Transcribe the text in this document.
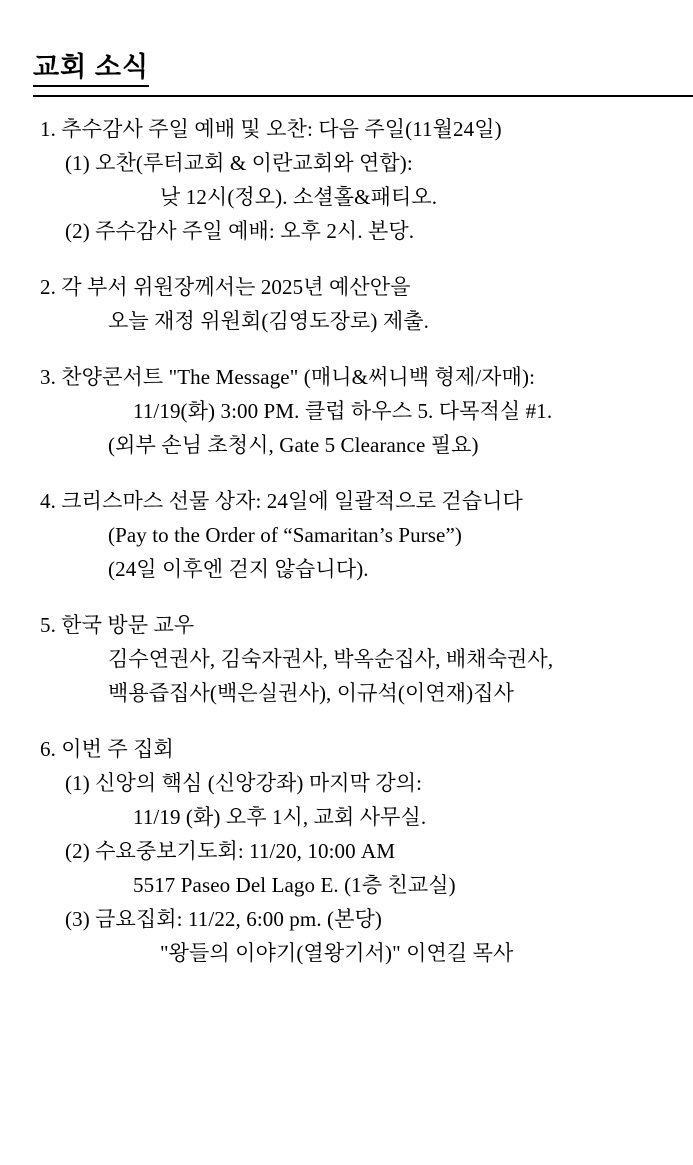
교회 소식
1. 추수감사 주일 예배 및 오찬: 다음 주일(11월24일)
(1) 오찬(루터교회 & 이란교회와 연합):
낮 12시(정오). 소셜홀&패티오.
(2) 주수감사 주일 예배: 오후 2시. 본당.
2. 각 부서 위원장께서는 2025년 예산안을
오늘 재정 위원회(김영도장로) 제출.
3. 찬양콘서트 "The Message" (매니&써니백 형제/자매):
11/19(화) 3:00 PM. 클럽 하우스 5. 다목적실 #1.
(외부 손님 초청시, Gate 5 Clearance 필요)
4. 크리스마스 선물 상자: 24일에 일괄적으로 걷습니다
(Pay to the Order of “Samaritan’s Purse”)
(24일 이후엔 걷지 않습니다).
5. 한국 방문 교우
김수연권사, 김숙자권사, 박옥순집사, 배채숙권사,
백용즙집사(백은실권사), 이규석(이연재)집사
6. 이번 주 집회
(1) 신앙의 핵심 (신앙강좌) 마지막 강의:
11/19 (화) 오후 1시, 교회 사무실.
(2) 수요중보기도회: 11/20, 10:00 AM
5517 Paseo Del Lago E. (1층 친교실)
(3) 금요집회: 11/22, 6:00 pm. (본당)
"왕들의 이야기(열왕기서)" 이연길 목사
